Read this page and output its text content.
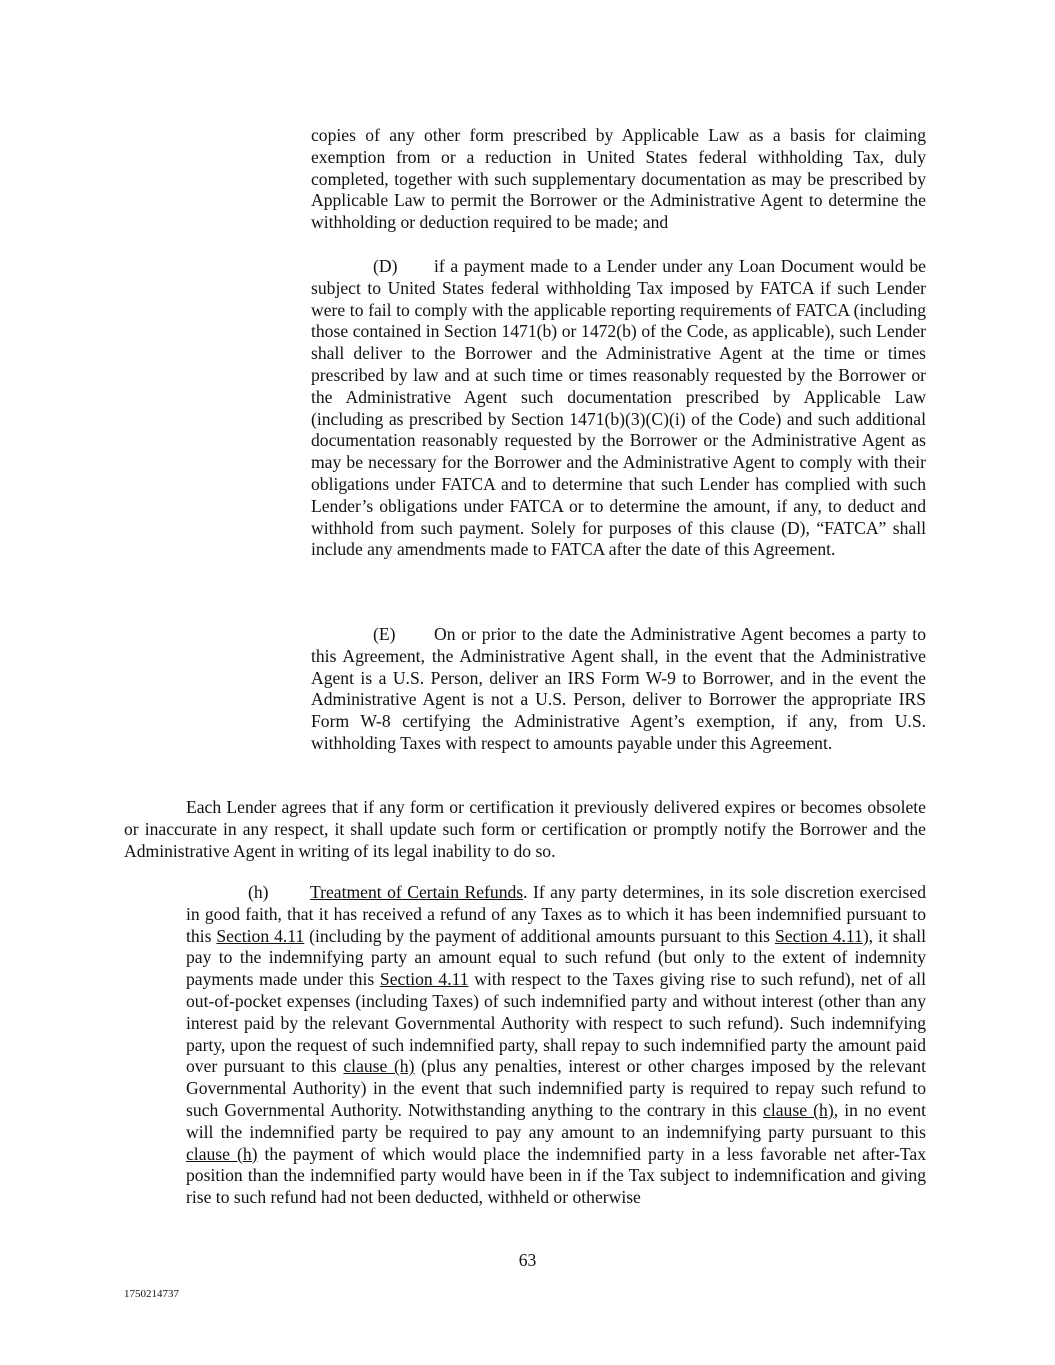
copies of any other form prescribed by Applicable Law as a basis for claiming exemption from or a reduction in United States federal withholding Tax, duly completed, together with such supplementary documentation as may be prescribed by Applicable Law to permit the Borrower or the Administrative Agent to determine the withholding or deduction required to be made; and

(D) if a payment made to a Lender under any Loan Document would be subject to United States federal withholding Tax imposed by FATCA if such Lender were to fail to comply with the applicable reporting requirements of FATCA (including those contained in Section 1471(b) or 1472(b) of the Code, as applicable), such Lender shall deliver to the Borrower and the Administrative Agent at the time or times prescribed by law and at such time or times reasonably requested by the Borrower or the Administrative Agent such documentation prescribed by Applicable Law (including as prescribed by Section 1471(b)(3)(C)(i) of the Code) and such additional documentation reasonably requested by the Borrower or the Administrative Agent as may be necessary for the Borrower and the Administrative Agent to comply with their obligations under FATCA and to determine that such Lender has complied with such Lender’s obligations under FATCA or to determine the amount, if any, to deduct and withhold from such payment. Solely for purposes of this clause (D), “FATCA” shall include any amendments made to FATCA after the date of this Agreement.

(E) On or prior to the date the Administrative Agent becomes a party to this Agreement, the Administrative Agent shall, in the event that the Administrative Agent is a U.S. Person, deliver an IRS Form W-9 to Borrower, and in the event the Administrative Agent is not a U.S. Person, deliver to Borrower the appropriate IRS Form W-8 certifying the Administrative Agent’s exemption, if any, from U.S. withholding Taxes with respect to amounts payable under this Agreement.

Each Lender agrees that if any form or certification it previously delivered expires or becomes obsolete or inaccurate in any respect, it shall update such form or certification or promptly notify the Borrower and the Administrative Agent in writing of its legal inability to do so.

(h) Treatment of Certain Refunds. If any party determines, in its sole discretion exercised in good faith, that it has received a refund of any Taxes as to which it has been indemnified pursuant to this Section 4.11 (including by the payment of additional amounts pursuant to this Section 4.11), it shall pay to the indemnifying party an amount equal to such refund (but only to the extent of indemnity payments made under this Section 4.11 with respect to the Taxes giving rise to such refund), net of all out-of-pocket expenses (including Taxes) of such indemnified party and without interest (other than any interest paid by the relevant Governmental Authority with respect to such refund). Such indemnifying party, upon the request of such indemnified party, shall repay to such indemnified party the amount paid over pursuant to this clause (h) (plus any penalties, interest or other charges imposed by the relevant Governmental Authority) in the event that such indemnified party is required to repay such refund to such Governmental Authority. Notwithstanding anything to the contrary in this clause (h), in no event will the indemnified party be required to pay any amount to an indemnifying party pursuant to this clause (h) the payment of which would place the indemnified party in a less favorable net after-Tax position than the indemnified party would have been in if the Tax subject to indemnification and giving rise to such refund had not been deducted, withheld or otherwise

63
1750214737
